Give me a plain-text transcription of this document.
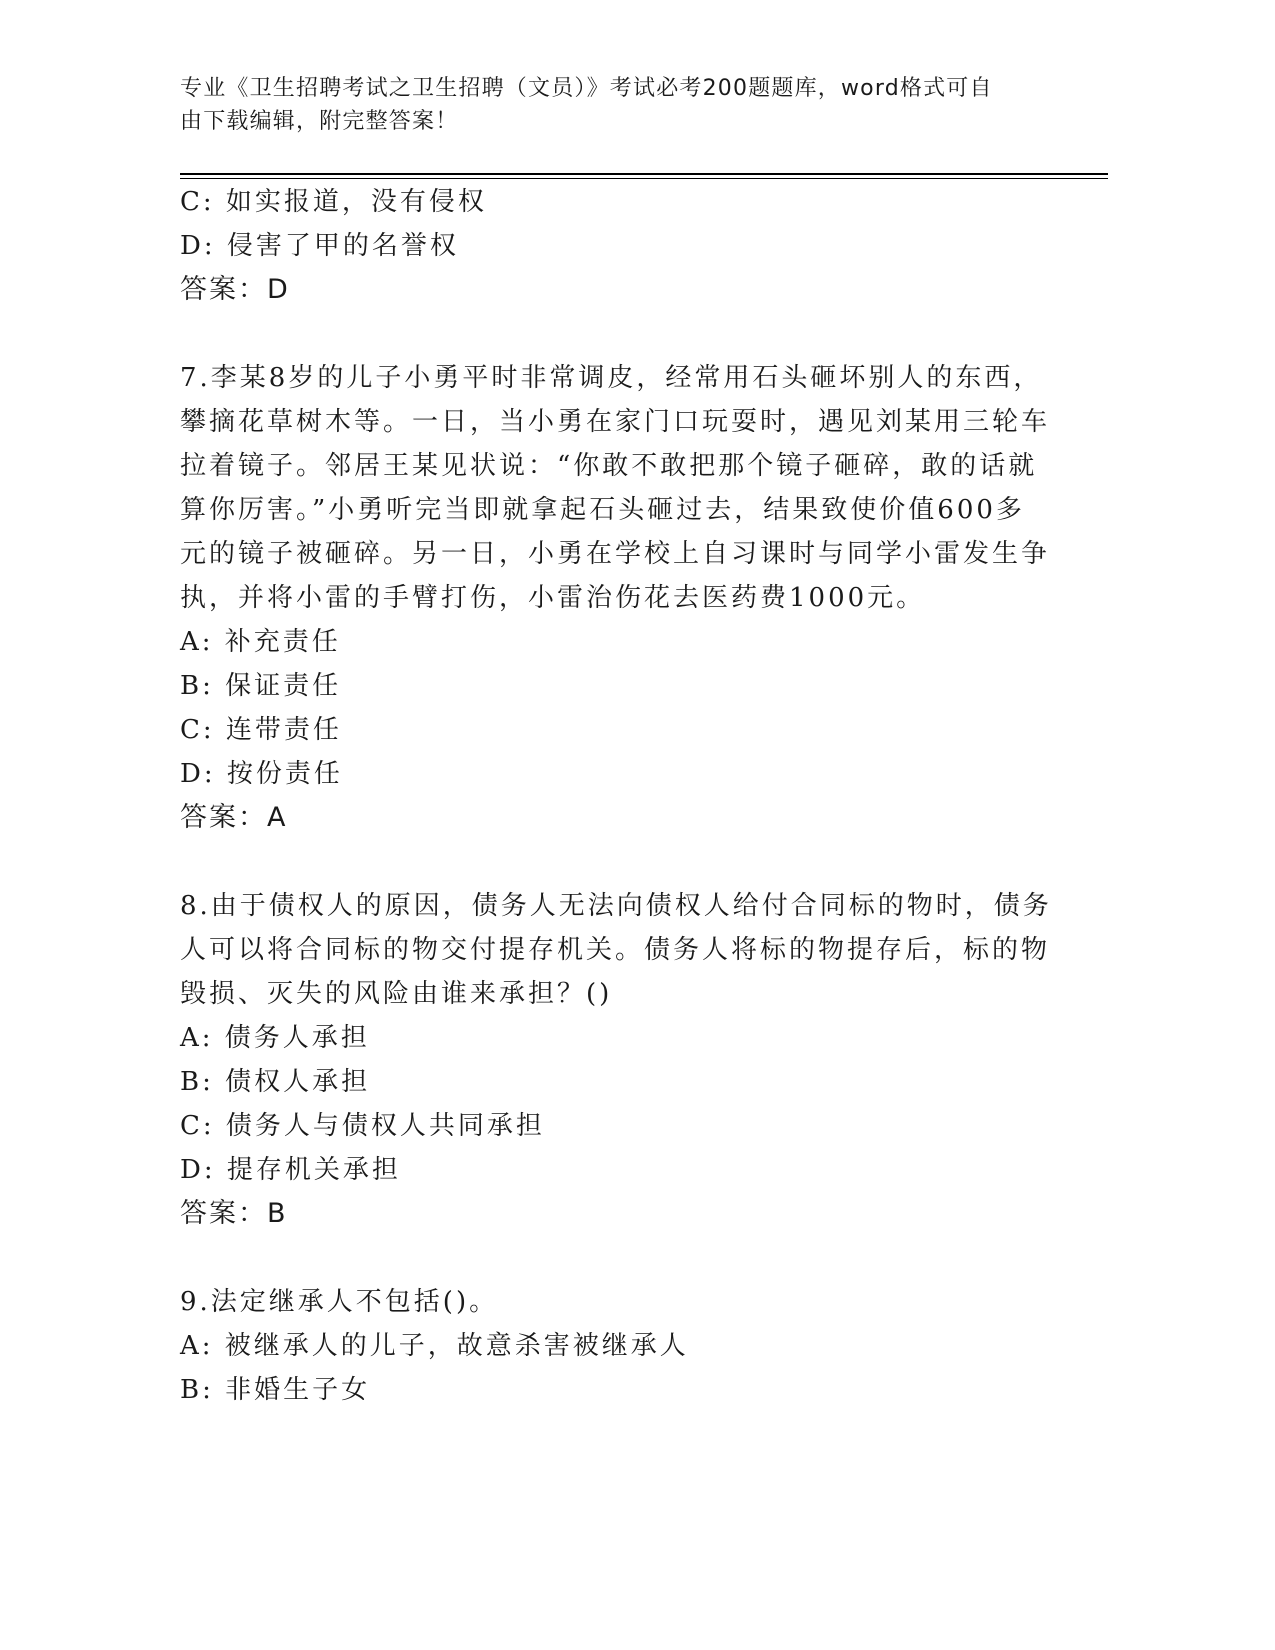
专业《卫生招聘考试之卫生招聘（文员）》考试必考200题题库，word格式可自
由下载编辑，附完整答案！
C: 如实报道，没有侵权
D: 侵害了甲的名誉权
答案：D
7.李某8岁的儿子小勇平时非常调皮，经常用石头砸坏别人的东西，
攀摘花草树木等。一日，当小勇在家门口玩耍时，遇见刘某用三轮车
拉着镜子。邻居王某见状说：“你敢不敢把那个镜子砸碎，敢的话就
算你厉害。”小勇听完当即就拿起石头砸过去，结果致使价值600多
元的镜子被砸碎。另一日，小勇在学校上自习课时与同学小雷发生争
执，并将小雷的手臂打伤，小雷治伤花去医药费1000元。
A: 补充责任
B: 保证责任
C: 连带责任
D: 按份责任
答案：A
8.由于债权人的原因，债务人无法向债权人给付合同标的物时，债务
人可以将合同标的物交付提存机关。债务人将标的物提存后，标的物
毁损、灭失的风险由谁来承担？()
A: 债务人承担
B: 债权人承担
C: 债务人与债权人共同承担
D: 提存机关承担
答案：B
9.法定继承人不包括()。
A: 被继承人的儿子，故意杀害被继承人
B: 非婚生子女
